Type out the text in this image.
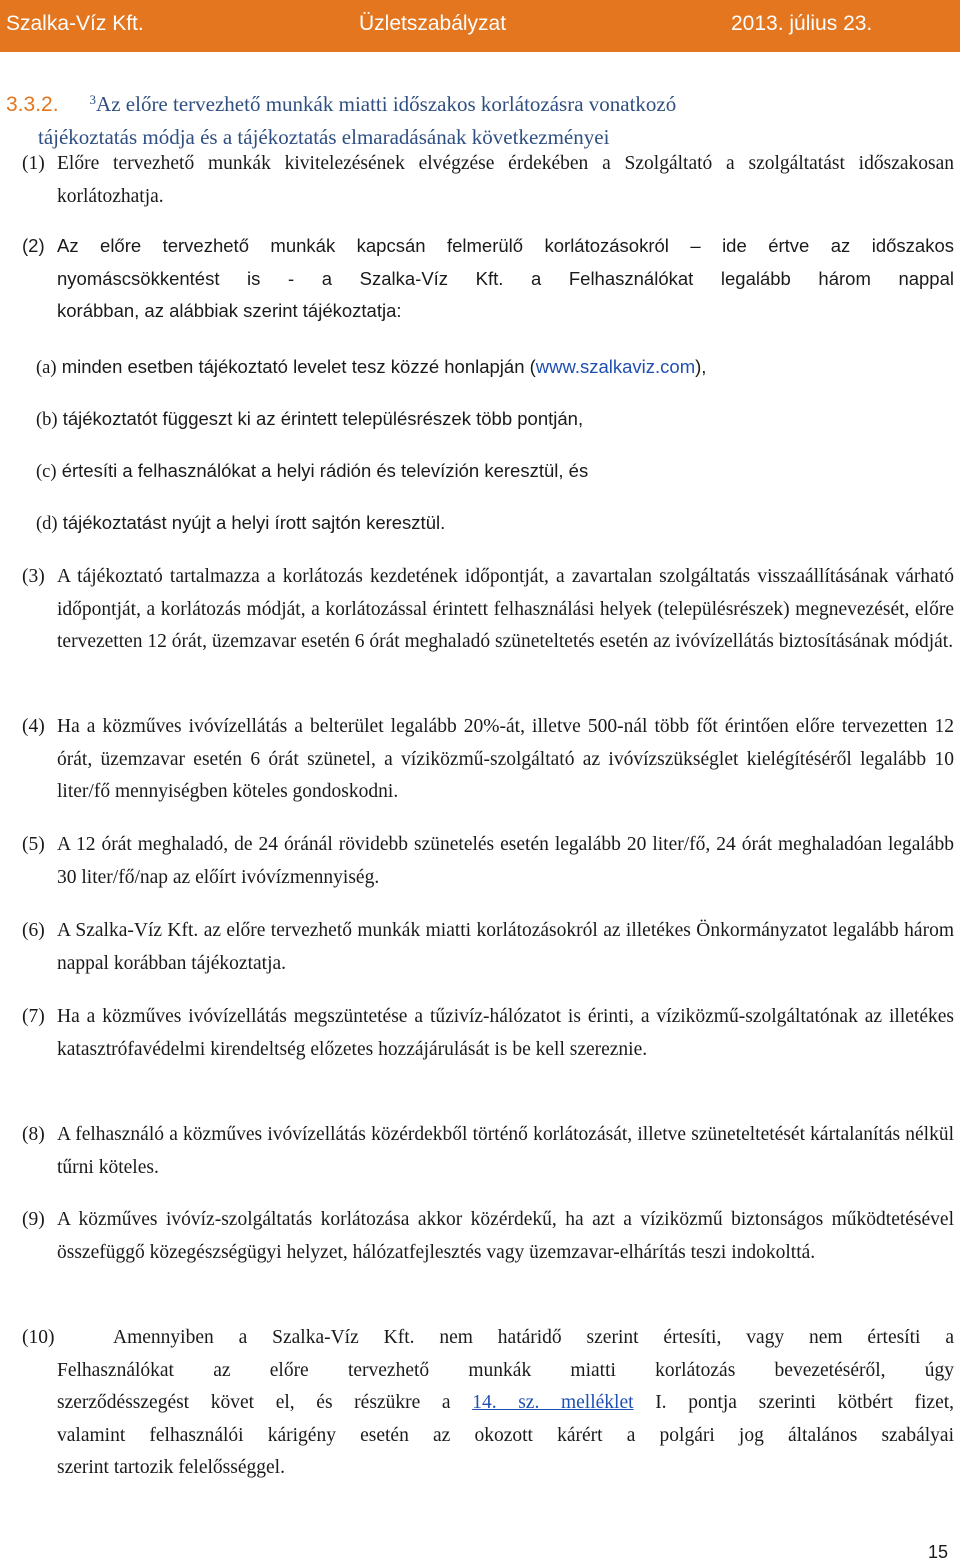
Szalka-Víz Kft.	Üzletszabályzat	2013. július 23.
3.3.2. $^3$Az előre tervezhető munkák miatti időszakos korlátozásra vonatkozó
tájékoztatás módja és a tájékoztatás elmaradásának következményei
(1) Előre tervezhető munkák kivitelezésének elvégzése érdekében a Szolgáltató a szolgáltatást időszakosan korlátozhatja.
(2) Az előre tervezhető munkák kapcsán felmerülő korlátozásokról – ide értve az időszakos
nyomáscsökkentést is - a Szalka-Víz Kft. a Felhasználókat legalább három nappal
korábban, az alábbiak szerint tájékoztatja:
(a) minden esetben tájékoztató levelet tesz közzé honlapján (www.szalkaviz.com),
(b) tájékoztatót függeszt ki az érintett településrészek több pontján,
(c) értesíti a felhasználókat a helyi rádión és televízión keresztül, és
(d) tájékoztatást nyújt a helyi írott sajtón keresztül.
(3) A tájékoztató tartalmazza a korlátozás kezdetének időpontját, a zavartalan szolgáltatás visszaállításának várható időpontját, a korlátozás módját, a korlátozással érintett felhasználási helyek (településrészek) megnevezését, előre tervezetten 12 órát, üzemzavar esetén 6 órát meghaladó szüneteltetés esetén az ivóvízellátás biztosításának módját.
(4) Ha a közműves ivóvízellátás a belterület legalább 20%-át, illetve 500-nál több főt érintően előre tervezetten 12 órát, üzemzavar esetén 6 órát szünetel, a víziközmű-szolgáltató az ivóvízszükséglet kielégítéséről legalább 10 liter/fő mennyiségben köteles gondoskodni.
(5) A 12 órát meghaladó, de 24 óránál rövidebb szünetelés esetén legalább 20 liter/fő, 24 órát meghaladóan legalább 30 liter/fő/nap az előírt ivóvízmennyiség.
(6) A Szalka-Víz Kft. az előre tervezhető munkák miatti korlátozásokról az illetékes Önkormányzatot legalább három nappal korábban tájékoztatja.
(7) Ha a közműves ivóvízellátás megszüntetése a tűzivíz-hálózatot is érinti, a víziközmű-szolgáltatónak az illetékes katasztrófavédelmi kirendeltség előzetes hozzájárulását is be kell szereznie.
(8) A felhasználó a közműves ivóvízellátás közérdekből történő korlátozását, illetve szüneteltetését kártalanítás nélkül tűrni köteles.
(9) A közműves ivóvíz-szolgáltatás korlátozása akkor közérdekű, ha azt a víziközmű biztonságos működtetésével összefüggő közegészségügyi helyzet, hálózatfejlesztés vagy üzemzavar-elhárítás teszi indokolttá.
(10)	Amennyiben a Szalka-Víz Kft. nem határidő szerint értesíti, vagy nem értesíti a
Felhasználókat az előre tervezhető munkák miatti korlátozás bevezetéséről, úgy
szerződésszegést követ el, és részükre a 14. sz. melléklet I. pontja szerinti kötbért fizet,
valamint felhasználói kárigény esetén az okozott kárért a polgári jog általános szabályai
szerint tartozik felelősséggel.
15
